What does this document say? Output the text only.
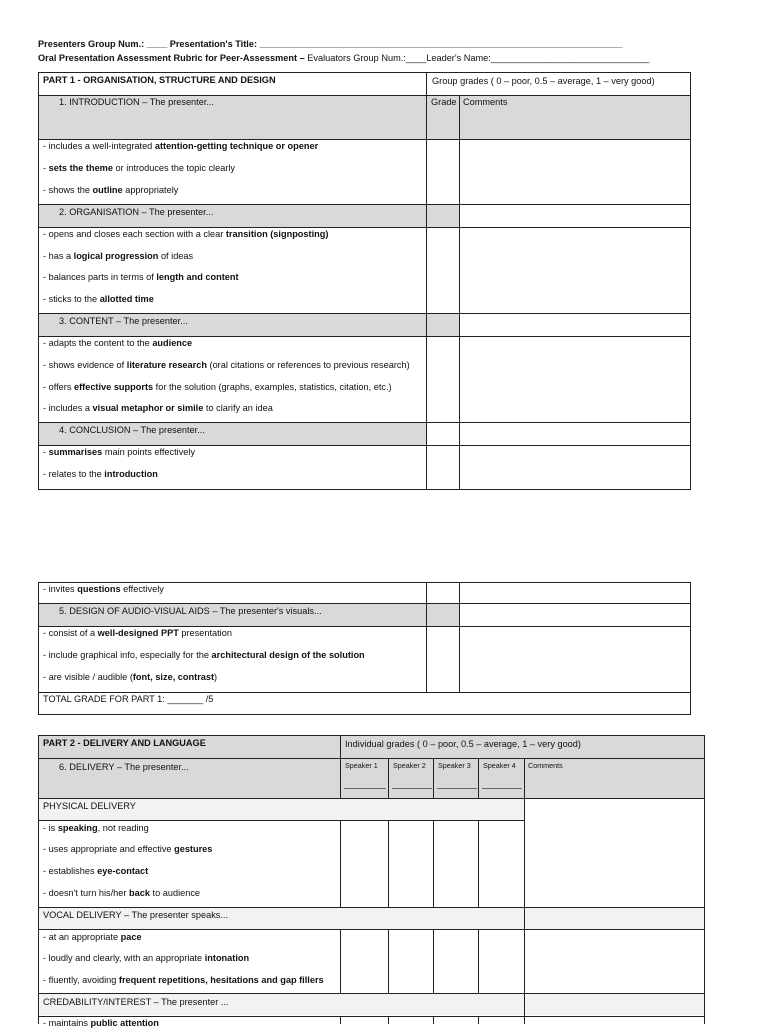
Presenters Group Num.: ____ Presentation's Title: _______________________________________________________________________
Oral Presentation Assessment Rubric for Peer-Assessment – Evaluators Group Num.:____Leader's Name:_______________________________
PART 1 - ORGANISATION, STRUCTURE AND DESIGN	Group grades ( 0 – poor, 0.5 – average, 1 – very good)
1. INTRODUCTION – The presenter...	Grade Comments
- includes a well-integrated attention-getting technique or opener
- sets the theme or introduces the topic clearly
- shows the outline appropriately
2. ORGANISATION – The presenter...
- opens and closes each section with a clear transition (signposting)
- has a logical progression of ideas
- balances parts in terms of length and content
- sticks to the allotted time
3. CONTENT – The presenter...
- adapts the content to the audience
- shows evidence of literature research (oral citations or references to previous research)
- offers effective supports for the solution (graphs, examples, statistics, citation, etc.)
- includes a visual metaphor or simile to clarify an idea
4. CONCLUSION – The presenter...
- summarises main points effectively
- relates to the introduction
- invites questions effectively
5. DESIGN OF AUDIO-VISUAL AIDS – The presenter's visuals...
- consist of a well-designed PPT presentation
- include graphical info, especially for the architectural design of the solution
- are visible / audible (font, size, contrast)
TOTAL GRADE FOR PART 1: _______ /5
PART 2 - DELIVERY AND LANGUAGE	Individual grades ( 0 – poor, 0.5 – average, 1 – very good)
6. DELIVERY – The presenter...	Speaker 1 Speaker 2 Speaker 3 Speaker 4 Comments
PHYSICAL DELIVERY
- is speaking, not reading
- uses appropriate and effective gestures
- establishes eye-contact
- doesn't turn his/her back to audience
VOCAL DELIVERY – The presenter speaks...
- at an appropriate pace
- loudly and clearly, with an appropriate intonation
- fluently, avoiding frequent repetitions, hesitations and gap fillers
CREDABILITY/INTEREST – The presenter ...
- maintains public attention
